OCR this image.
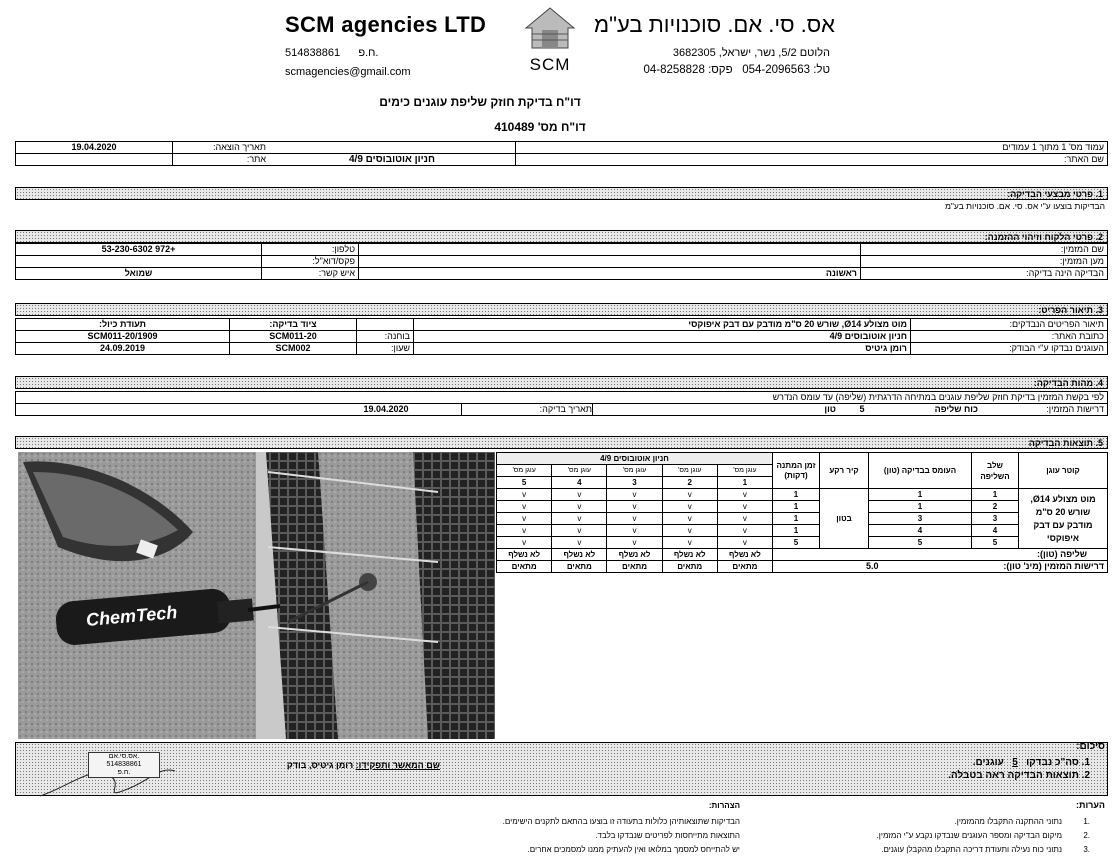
SCM agencies LTD	אס. סי. אם. סוכנויות בע"מ
514838861 ח.פ.
scmagencies@gmail.com	SCM
הלוטם 5/2, נשר, ישראל, 3682305
טל: 054-2096563   פקס: 04-8258828
דו"ח בדיקת חוזק שליפת עוגנים כימים
דו"ח מס' 410489
עמוד מס' 1 מתוך 1 עמודים		תאריך הוצאה:	19.04.2020
שם האתר:	חניון אוטובוסים 4/9	אתר:	
1. פרטי מבצעי הבדיקה:
הבדיקות בוצעו ע"י אס. סי. אם. סוכנויות בע"מ
2. פרטי הלקוח וזיהוי ההזמנה:
שם המזמין:		טלפון:	+972 53-230-6302
מען המזמין:		פקס/דוא"ל:	
הבדיקה הינה בדיקה:	ראשונה	איש קשר:	שמואל
3. תיאור הפריט:
תיאור הפריטים הנבדקים:	מוט מצולע Ø14, שורש 20 ס"מ מודבק עם דבק איפוקסי		ציוד בדיקה:	תעודת כיול:
כתובת האתר:	חניון אוטובוסים 4/9	בוחנה:	SCM011-20	1909/SCM011-20
העוגנים נבדקו ע"י הבודק:	רומן גיטיס	שעון:	SCM002	24.09.2019
4. מהות הבדיקה:
לפי בקשת המזמין בדיקת חוזק שליפת עוגנים במתיחה הדרגתית (שליפה) עד עומס הנדרש
דרישות המזמין:	כוח שליפה	5	טון	תאריך בדיקה:19.04.2020
5. תוצאות הבדיקה
ChemTech
קוטר עוגן	שלב השליפה	העומס בבדיקה (טון)	קיר רקע	זמן המתנה (דקות)	חניון אוטובוסים 4/9				
					עוגן מס'	עוגן מס'	עוגן מס'	עוגן מס'	עוגן מס'
					1	2	3	4	5
מוט מצולע Ø14, שורש 20 ס"מ מודבק עם דבק איפוקסי	1	1	בטון	1	v	v	v	v	v
	2	1		1	v	v	v	v	v
	3	3		1	v	v	v	v	v
	4	4		1	v	v	v	v	v
	5	5		5	v	v	v	v	v
שליפה (טון):					לא נשלף	לא נשלף	לא נשלף	לא נשלף	לא נשלף
דרישות המזמין (מינ' טון):		5.0			מתאים	מתאים	מתאים	מתאים	מתאים
סיכום:
1. סה"כ נבדקו   5   עוגנים.
2. תוצאות הבדיקה ראה בטבלה.
שם המאשר ותפקידו: רומן גיטיס, בודק
אס.סי.אם.
514838861
ח.פ.
הערות:
.1נתוני ההתקנה התקבלו מהמזמין.
.2מיקום הבדיקה ומספר העוגנים שנבדקו נקבע ע"י המזמין.
.3נתוני כוח נעילה ותעודת דריכה התקבלו מהקבלן עוגנים.
הצהרות:
הבדיקות שתוצאותיהן כלולות בתעודה זו בוצעו בהתאם לתקנים הישימים.
התוצאות מתייחסות לפריטים שנבדקו בלבד.
יש להתייחס למסמך במלואו ואין להעתיק ממנו למסמכים אחרים.
